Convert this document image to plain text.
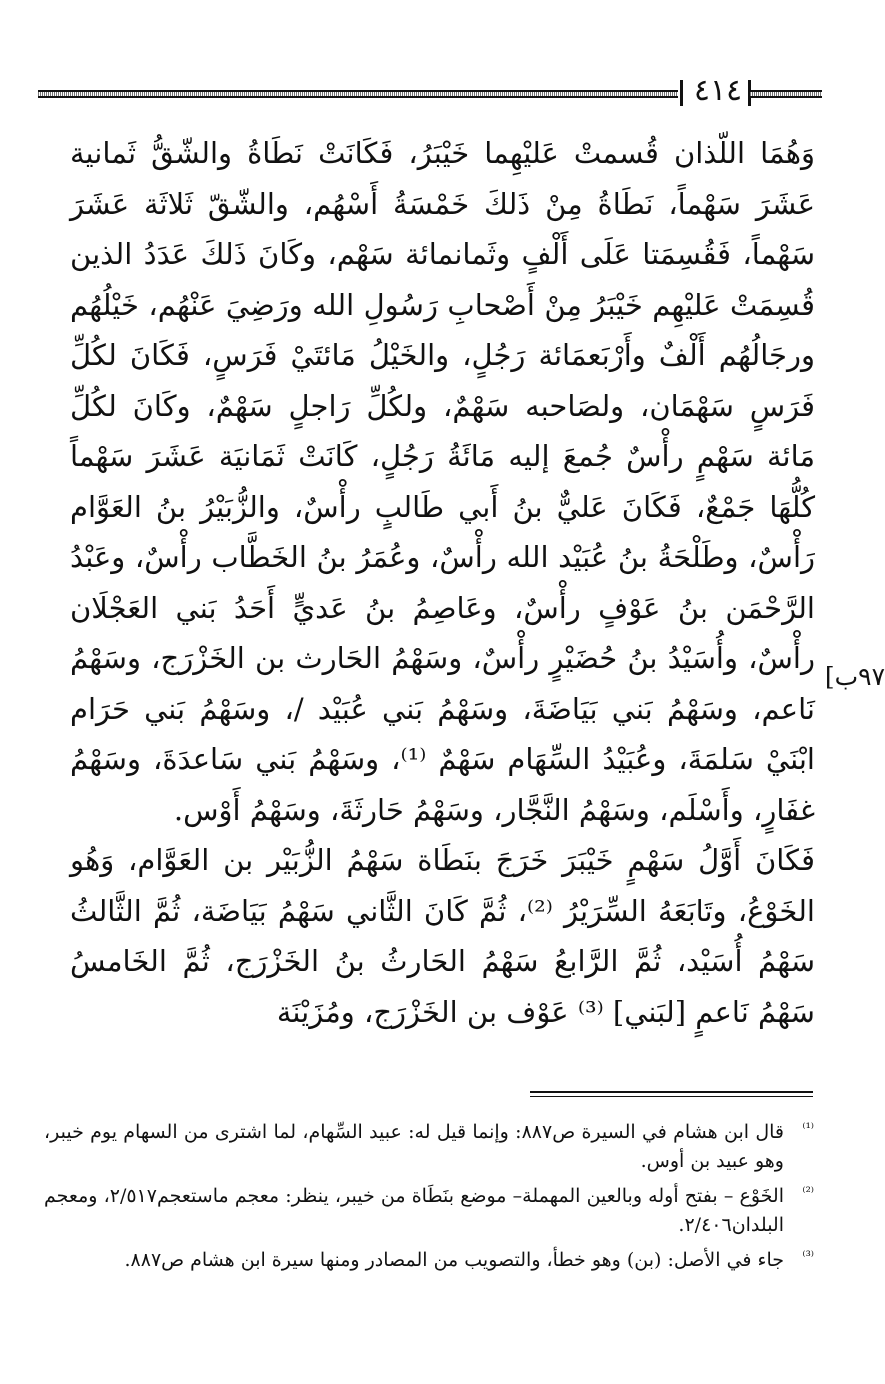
٤١٤

وَهُمَا اللّذان قُسمتْ عَليْهِما خَيْبَرُ، فَكَانَتْ نَطَاةُ والشّقُّ ثَمانية عَشَرَ سَهْماً، نَطَاةُ مِنْ ذَلكَ خَمْسَةُ أَسْهُم، والشّقّ ثَلاثَة عَشَرَ سَهْماً، فَقُسِمَتا عَلَى أَلْفٍ وثَمانمائة سَهْم، وكَانَ ذَلكَ عَدَدُ الذين قُسِمَتْ عَليْهِم خَيْبَرُ مِنْ أَصْحابِ رَسُولِ الله ورَضِيَ عَنْهُم، خَيْلُهُم ورجَالُهُم أَلْفٌ وأَرْبَعمَائة رَجُلٍ، والخَيْلُ مَائتَيْ فَرَسٍ، فَكَانَ لكُلِّ فَرَسٍ سَهْمَان، ولصَاحبه سَهْمٌ، ولكُلِّ رَاجلٍ سَهْمٌ، وكَانَ لكُلِّ مَائة سَهْمٍ رأْسٌ جُمعَ إليه مَائَةُ رَجُلٍ، كَانَتْ ثَمَانيَة عَشَرَ سَهْماً كُلُّهَا جَمْعٌ، فَكَانَ عَليٌّ بنُ أَبي طَالبٍ رأْسٌ، والزُّبَيْرُ بنُ العَوَّام رَأْسٌ، وطَلْحَةُ بنُ عُبَيْد الله رأْسٌ، وعُمَرُ بنُ الخَطَّاب رأْسٌ، وعَبْدُ الرَّحْمَن بنُ عَوْفٍ رأْسٌ، وعَاصِمُ بنُ عَديٍّ أَحَدُ بَني العَجْلَان رأْسٌ، وأُسَيْدُ بنُ حُضَيْرٍ رأْسٌ، وسَهْمُ الحَارث بن الخَزْرَج، وسَهْمُ نَاعم، وسَهْمُ بَني بَيَاضَةَ، وسَهْمُ بَني عُبَيْد /، وسَهْمُ بَني حَرَام ابْنَيْ سَلمَةَ، وعُبَيْدُ السِّهَام سَهْمٌ ⁽¹⁾، وسَهْمُ بَني سَاعدَةَ، وسَهْمُ غفَارٍ، وأَسْلَم، وسَهْمُ النَّجَّار، وسَهْمُ حَارثَةَ، وسَهْمُ أَوْس.

فَكَانَ أَوَّلُ سَهْمٍ خَيْبَرَ خَرَجَ بنَطَاة سَهْمُ الزُّبَيْر بن العَوَّام، وَهُو الخَوْعُ، وتَابَعَهُ السِّرَيْرُ ⁽²⁾، ثُمَّ كَانَ الثَّاني سَهْمُ بَيَاضَة، ثُمَّ الثَّالثُ سَهْمُ أُسَيْد، ثُمَّ الرَّابعُ سَهْمُ الحَارثُ بنُ الخَزْرَج، ثُمَّ الخَامسُ سَهْمُ نَاعمٍ [لبَني] ⁽³⁾ عَوْف بن الخَزْرَج، ومُزَيْنَة

٩٧ب]

⁽¹⁾
قال ابن هشام في السيرة ص٨٨٧: وإنما قيل له: عبيد السِّهام، لما اشترى من السهام يوم خيبر، وهو عبيد بن أوس.

⁽²⁾
الخَوْع – بفتح أوله وبالعين المهملة– موضع بنَطَاة من خيبر، ينظر: معجم ماستعجم٢/٥١٧، ومعجم البلدان٢/٤٠٦.

⁽³⁾
جاء في الأصل: (بن) وهو خطأ، والتصويب من المصادر ومنها سيرة ابن هشام ص٨٨٧.
